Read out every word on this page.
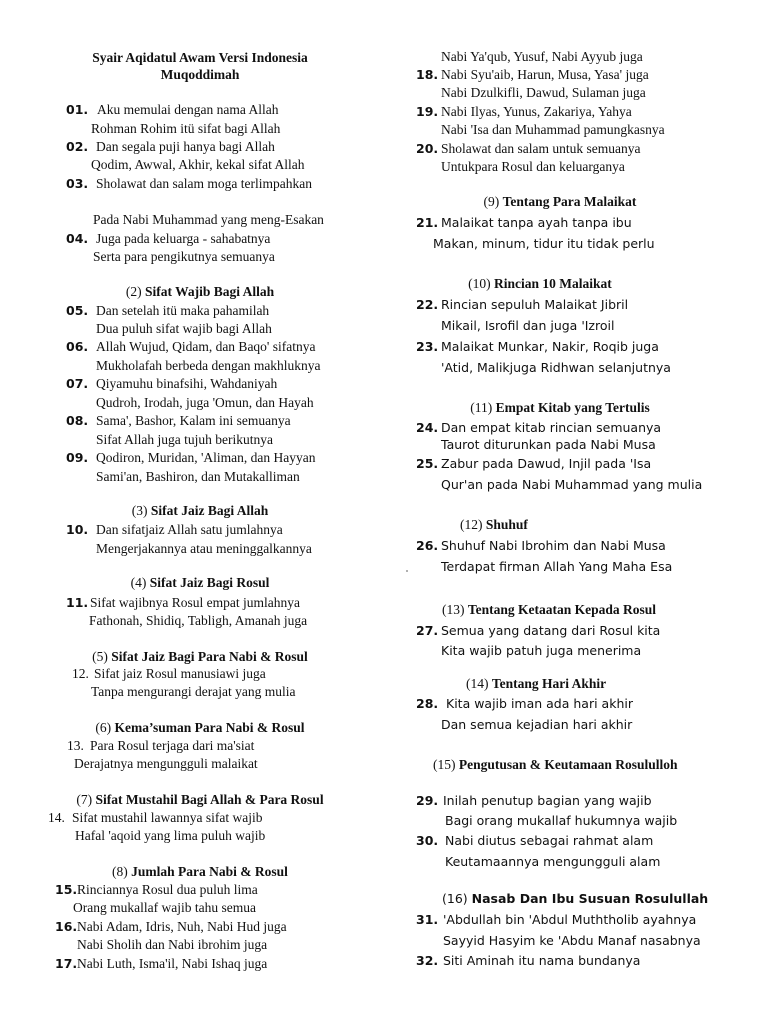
Syair Aqidatul Awam Versi Indonesia
Muqoddimah
01. Aku memulai dengan nama Allah
Rohman Rohim itü sifat bagi Allah
02. Dan segala puji hanya bagi Allah
Qodim, Awwal, Akhir, kekal sifat Allah
03. Sholawat dan salam moga terlimpahkan
Pada Nabi Muhammad yang meng-Esakan
04. Juga pada keluarga - sahabatnya
Serta para pengikutnya semuanya
(2) Sifat Wajib Bagi Allah
05. Dan setelah itü maka pahamilah
Dua puluh sifat wajib bagi Allah
06. Allah Wujud, Qidam, dan Baqo' sifatnya
Mukholafah berbeda dengan makhluknya
07. Qiyamuhu binafsihi, Wahdaniyah
Qudroh, Irodah, juga 'Omun, dan Hayah
08. Sama', Bashor, Kalam ini semuanya
Sifat Allah juga tujuh berikutnya
09. Qodiron, Muridan, 'Aliman, dan Hayyan
Sami'an, Bashiron, dan Mutakalliman
(3) Sifat Jaiz Bagi Allah
10. Dan sifatjaiz Allah satu jumlahnya
Mengerjakannya atau meninggalkannya
(4) Sifat Jaiz Bagi Rosul
11. Sifat wajibnya Rosul empat jumlahnya
Fathonah, Shidiq, Tabligh, Amanah juga
(5) Sifat Jaiz Bagi Para Nabi & Rosul
12. Sifat jaiz Rosul manusiawi juga
Tanpa mengurangi derajat yang mulia
(6) Kema’suman Para Nabi & Rosul
13. Para Rosul terjaga dari ma'siat
Derajatnya mengungguli malaikat
(7) Sifat Mustahil Bagi Allah & Para Rosul
14. Sifat mustahil lawannya sifat wajib
Hafal 'aqoid yang lima puluh wajib
(8) Jumlah Para Nabi & Rosul
15. Rinciannya Rosul dua puluh lima
Orang mukallaf wajib tahu semua
16. Nabi Adam, Idris, Nuh, Nabi Hud juga
Nabi Sholih dan Nabi ibrohim juga
17. Nabi Luth, Isma'il, Nabi Ishaq juga
Nabi Ya'qub, Yusuf, Nabi Ayyub juga
18. Nabi Syu'aib, Harun, Musa, Yasa' juga
Nabi Dzulkifli, Dawud, Sulaman juga
19. Nabi Ilyas, Yunus, Zakariya, Yahya
Nabi 'Isa dan Muhammad pamungkasnya
20. Sholawat dan salam untuk semuanya
Untukpara Rosul dan keluarganya
(9) Tentang Para Malaikat
21. Malaikat tanpa ayah tanpa ibu
Makan, minum, tidur itu tidak perlu
(10) Rincian 10 Malaikat
22. Rincian sepuluh Malaikat Jibril
Mikail, Isrofil dan juga 'Izroil
23. Malaikat Munkar, Nakir, Roqib juga
'Atid, Malikjuga Ridhwan selanjutnya
(11) Empat Kitab yang Tertulis
24. Dan empat kitab rincian semuanya
Taurot diturunkan pada Nabi Musa
25. Zabur pada Dawud, Injil pada 'Isa
Qur'an pada Nabi Muhammad yang mulia
(12) Shuhuf
26. Shuhuf Nabi Ibrohim dan Nabi Musa
Terdapat firman Allah Yang Maha Esa
(13) Tentang Ketaatan Kepada Rosul
27. Semua yang datang dari Rosul kita
Kita wajib patuh juga menerima
(14) Tentang Hari Akhir
28. Kita wajib iman ada hari akhir
Dan semua kejadian hari akhir
(15) Pengutusan & Keutamaan Rosululloh
29. Inilah penutup bagian yang wajib
Bagi orang mukallaf hukumnya wajib
30. Nabi diutus sebagai rahmat alam
Keutamaannya mengungguli alam
(16) Nasab Dan Ibu Susuan Rosulullah
31. 'Abdullah bin 'Abdul Muththolib ayahnya
Sayyid Hasyim ke 'Abdu Manaf nasabnya
32. Siti Aminah itu nama bundanya
